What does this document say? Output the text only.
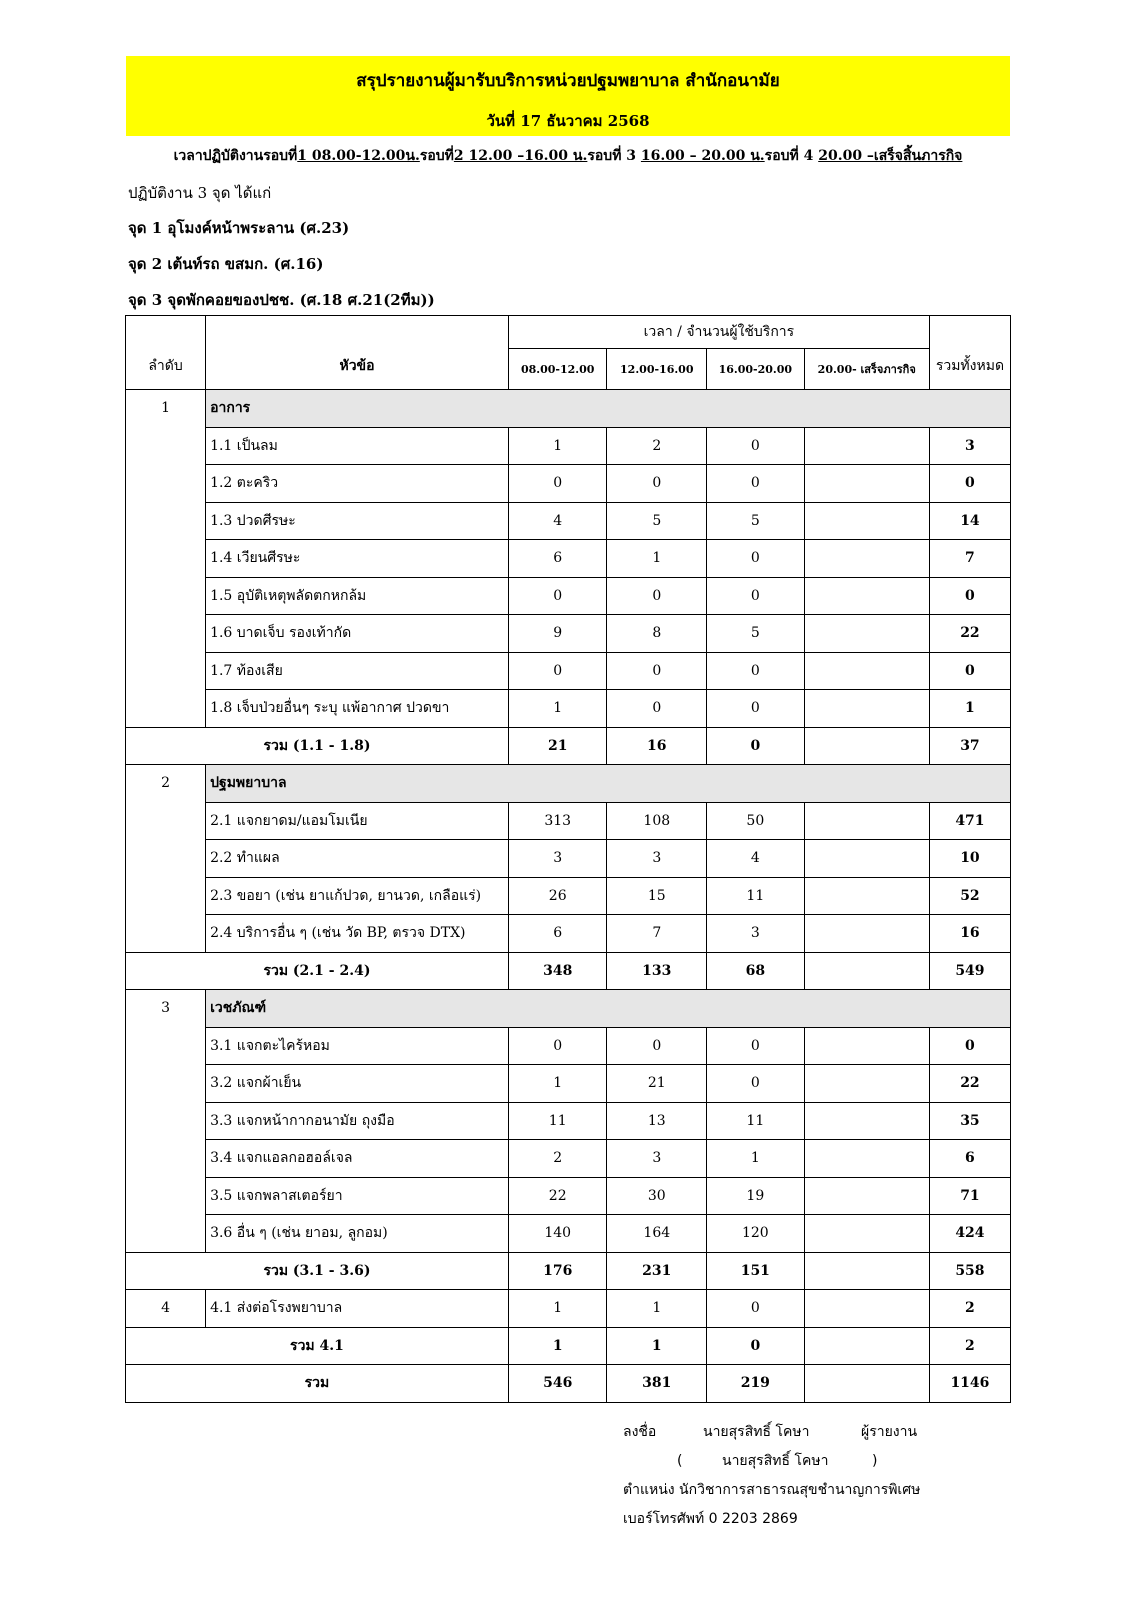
สรุปรายงานผู้มารับบริการหน่วยปฐมพยาบาล สำนักอนามัย
วันที่ 17 ธันวาคม 2568
เวลาปฏิบัติงานรอบที่1 08.00-12.00น.รอบที่2 12.00 –16.00 น.รอบที่ 3 16.00 – 20.00 น.รอบที่ 4 20.00 –เสร็จสิ้นภารกิจ
ปฏิบัติงาน 3 จุด ได้แก่
จุด 1 อุโมงค์หน้าพระลาน (ศ.23)
จุด 2 เต้นท์รถ ขสมก. (ศ.16)
จุด 3 จุดพักคอยของปชช. (ศ.18 ศ.21(2ทีม))
ลำดับ	หัวข้อ	เวลา / จำนวนผู้ใช้บริการ				รวมทั้งหมด
		08.00-12.00	12.00-16.00	16.00-20.00	20.00- เสร็จภารกิจ	
1	อาการ					
	1.1 เป็นลม	1	2	0		3
	1.2 ตะคริว	0	0	0		0
	1.3 ปวดศีรษะ	4	5	5		14
	1.4 เวียนศีรษะ	6	1	0		7
	1.5 อุบัติเหตุพลัดตกหกล้ม	0	0	0		0
	1.6 บาดเจ็บ รองเท้ากัด	9	8	5		22
	1.7 ท้องเสีย	0	0	0		0
	1.8 เจ็บป่วยอื่นๆ ระบุ แพ้อากาศ ปวดขา	1	0	0		1
รวม (1.1 - 1.8)		21	16	0		37
2	ปฐมพยาบาล					
	2.1 แจกยาดม/แอมโมเนีย	313	108	50		471
	2.2 ทำแผล	3	3	4		10
	2.3 ขอยา (เช่น ยาแก้ปวด, ยานวด, เกลือแร่)	26	15	11		52
	2.4 บริการอื่น ๆ (เช่น วัด BP, ตรวจ DTX)	6	7	3		16
รวม (2.1 - 2.4)		348	133	68		549
3	เวชภัณฑ์					
	3.1 แจกตะไคร้หอม	0	0	0		0
	3.2 แจกผ้าเย็น	1	21	0		22
	3.3 แจกหน้ากากอนามัย ถุงมือ	11	13	11		35
	3.4 แจกแอลกอฮอล์เจล	2	3	1		6
	3.5 แจกพลาสเตอร์ยา	22	30	19		71
	3.6 อื่น ๆ (เช่น ยาอม, ลูกอม)	140	164	120		424
รวม (3.1 - 3.6)		176	231	151		558
4	4.1 ส่งต่อโรงพยาบาล	1	1	0		2
รวม 4.1		1	1	0		2
รวม		546	381	219		1146
ลงชื่อ	นายสุรสิทธิ์ โคษา	ผู้รายงาน
(	นายสุรสิทธิ์ โคษา	)
ตำแหน่ง นักวิชาการสาธารณสุขชำนาญการพิเศษ
เบอร์โทรศัพท์ 0 2203 2869
